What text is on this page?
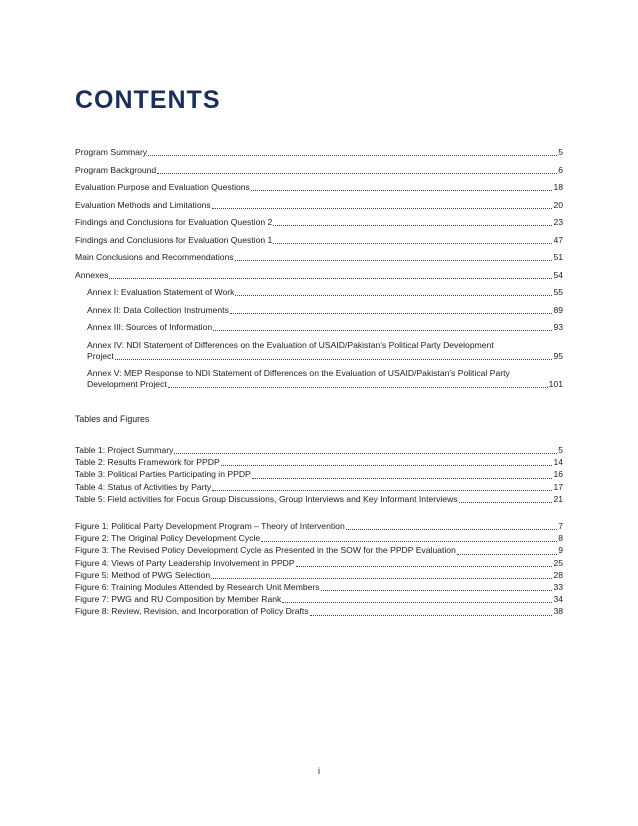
CONTENTS
Program Summary	5
Program Background	6
Evaluation Purpose and Evaluation Questions	18
Evaluation Methods and Limitations	20
Findings and Conclusions for Evaluation Question 2	23
Findings and Conclusions for Evaluation Question 1	47
Main Conclusions and Recommendations	51
Annexes	54
Annex I: Evaluation Statement of Work	55
Annex II: Data Collection Instruments	89
Annex III: Sources of Information	93
Annex IV: NDI Statement of Differences on the Evaluation of USAID/Pakistan's Political Party Development
Project	95
Annex V: MEP Response to NDI Statement of Differences on the Evaluation of USAID/Pakistan's Political Party
Development Project	101
Tables and Figures
Table 1: Project Summary	5
Table 2: Results Framework for PPDP	14
Table 3: Political Parties Participating in PPDP	16
Table 4: Status of Activities by Party	17
Table 5: Field activities for Focus Group Discussions, Group Interviews and Key Informant Interviews	21
Figure 1: Political Party Development Program – Theory of Intervention	7
Figure 2: The Original Policy Development Cycle	8
Figure 3: The Revised Policy Development Cycle as Presented in the SOW for the PPDP Evaluation	9
Figure 4: Views of Party Leadership Involvement in PPDP	25
Figure 5: Method of PWG Selection	28
Figure 6: Training Modules Attended by Research Unit Members	33
Figure 7: PWG and RU Composition by Member Rank	34
Figure 8: Review, Revision, and Incorporation of Policy Drafts	38
i
